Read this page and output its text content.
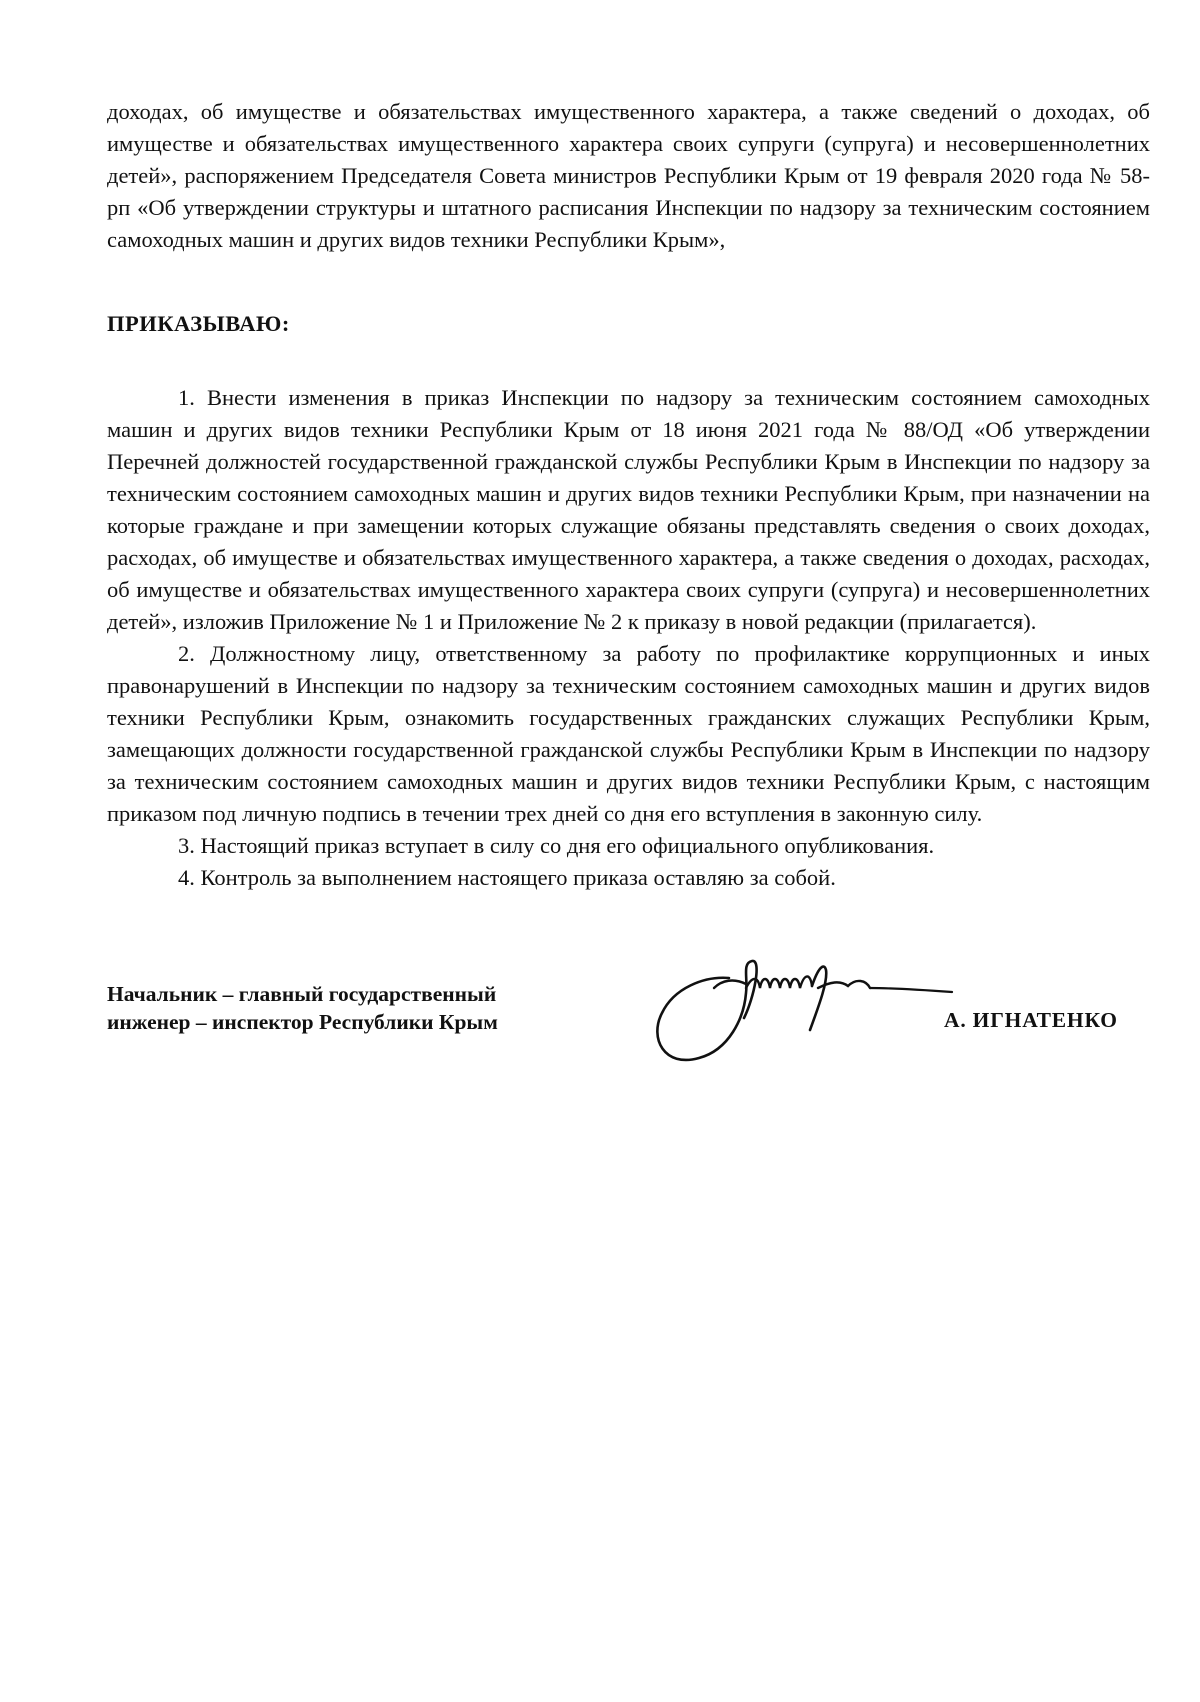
доходах, об имуществе и обязательствах имущественного характера, а также сведений о доходах, об имуществе и обязательствах имущественного характера своих супруги (супруга) и несовершеннолетних детей», распоряжением Председателя Совета министров Республики Крым от 19 февраля 2020 года № 58-рп «Об утверждении структуры и штатного расписания Инспекции по надзору за техническим состоянием самоходных машин и других видов техники Республики Крым»,

ПРИКАЗЫВАЮ:

1. Внести изменения в приказ Инспекции по надзору за техническим состоянием самоходных машин и других видов техники Республики Крым от 18 июня 2021 года № 88/ОД «Об утверждении Перечней должностей государственной гражданской службы Республики Крым в Инспекции по надзору за техническим состоянием самоходных машин и других видов техники Республики Крым, при назначении на которые граждане и при замещении которых служащие обязаны представлять сведения о своих доходах, расходах, об имуществе и обязательствах имущественного характера, а также сведения о доходах, расходах, об имуществе и обязательствах имущественного характера своих супруги (супруга) и несовершеннолетних детей», изложив Приложение № 1 и Приложение № 2 к приказу в новой редакции (прилагается).

2. Должностному лицу, ответственному за работу по профилактике коррупционных и иных правонарушений в Инспекции по надзору за техническим состоянием самоходных машин и других видов техники Республики Крым, ознакомить государственных гражданских служащих Республики Крым, замещающих должности государственной гражданской службы Республики Крым в Инспекции по надзору за техническим состоянием самоходных машин и других видов техники Республики Крым, с настоящим приказом под личную подпись в течении трех дней со дня его вступления в законную силу.

3. Настоящий приказ вступает в силу со дня его официального опубликования.

4. Контроль за выполнением настоящего приказа оставляю за собой.

Начальник – главный государственный
инженер – инспектор Республики Крым	А. ИГНАТЕНКО
